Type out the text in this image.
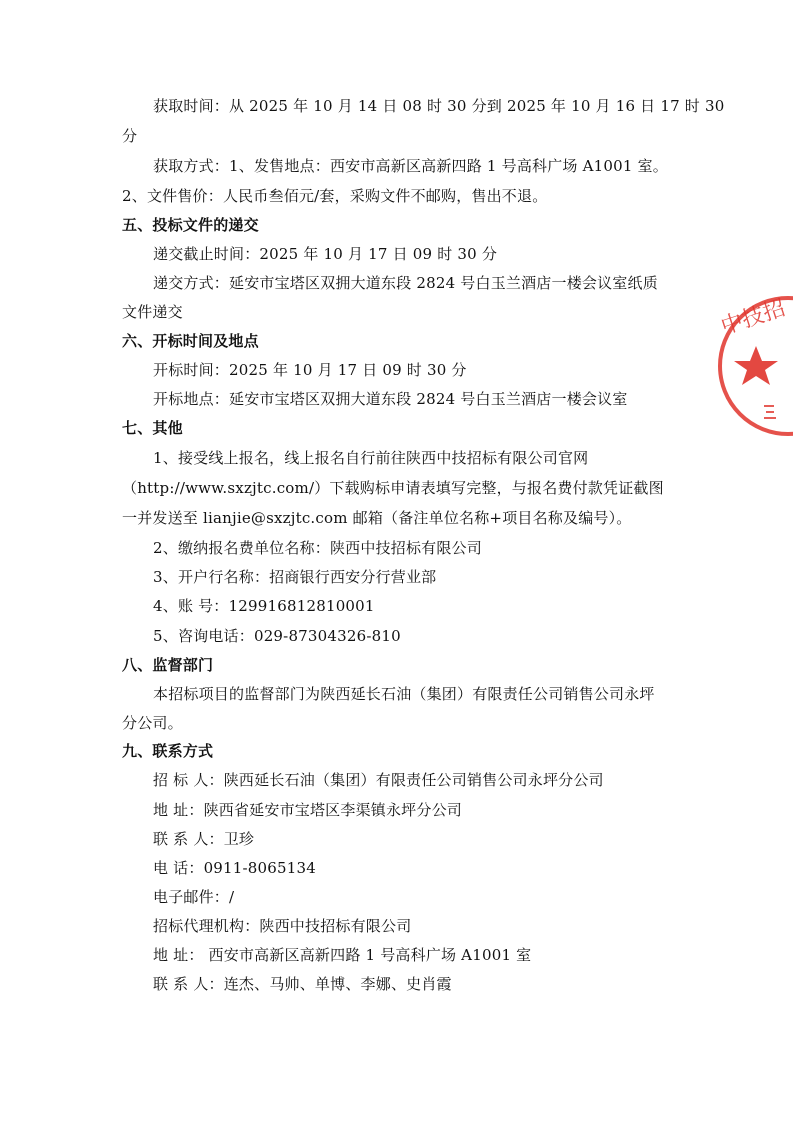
获取时间：从 2025 年 10 月 14 日 08 时 30 分到 2025 年 10 月 16 日 17 时 30
分
获取方式：1、发售地点：西安市高新区高新四路 1 号高科广场 A1001 室。
2、文件售价：人民币叁佰元/套，采购文件不邮购，售出不退。
五、投标文件的递交
递交截止时间：2025 年 10 月 17 日 09 时 30 分
递交方式：延安市宝塔区双拥大道东段 2824 号白玉兰酒店一楼会议室纸质
文件递交
六、开标时间及地点
开标时间：2025 年 10 月 17 日 09 时 30 分
开标地点：延安市宝塔区双拥大道东段 2824 号白玉兰酒店一楼会议室
七、其他
1、接受线上报名，线上报名自行前往陕西中技招标有限公司官网
（http://www.sxzjtc.com/）下载购标申请表填写完整，与报名费付款凭证截图
一并发送至 lianjie@sxzjtc.com 邮箱（备注单位名称+项目名称及编号）。
2、缴纳报名费单位名称：陕西中技招标有限公司
3、开户行名称：招商银行西安分行营业部
4、账 号：129916812810001
5、咨询电话：029-87304326-810
八、监督部门
本招标项目的监督部门为陕西延长石油（集团）有限责任公司销售公司永坪
分公司。
九、联系方式
招 标 人：陕西延长石油（集团）有限责任公司销售公司永坪分公司
地 址：陕西省延安市宝塔区李渠镇永坪分公司
联 系 人：卫珍
电 话：0911-8065134
电子邮件：/
招标代理机构：陕西中技招标有限公司
地 址： 西安市高新区高新四路 1 号高科广场 A1001 室
联 系 人：连杰、马帅、单博、李娜、史肖霞
中技招
